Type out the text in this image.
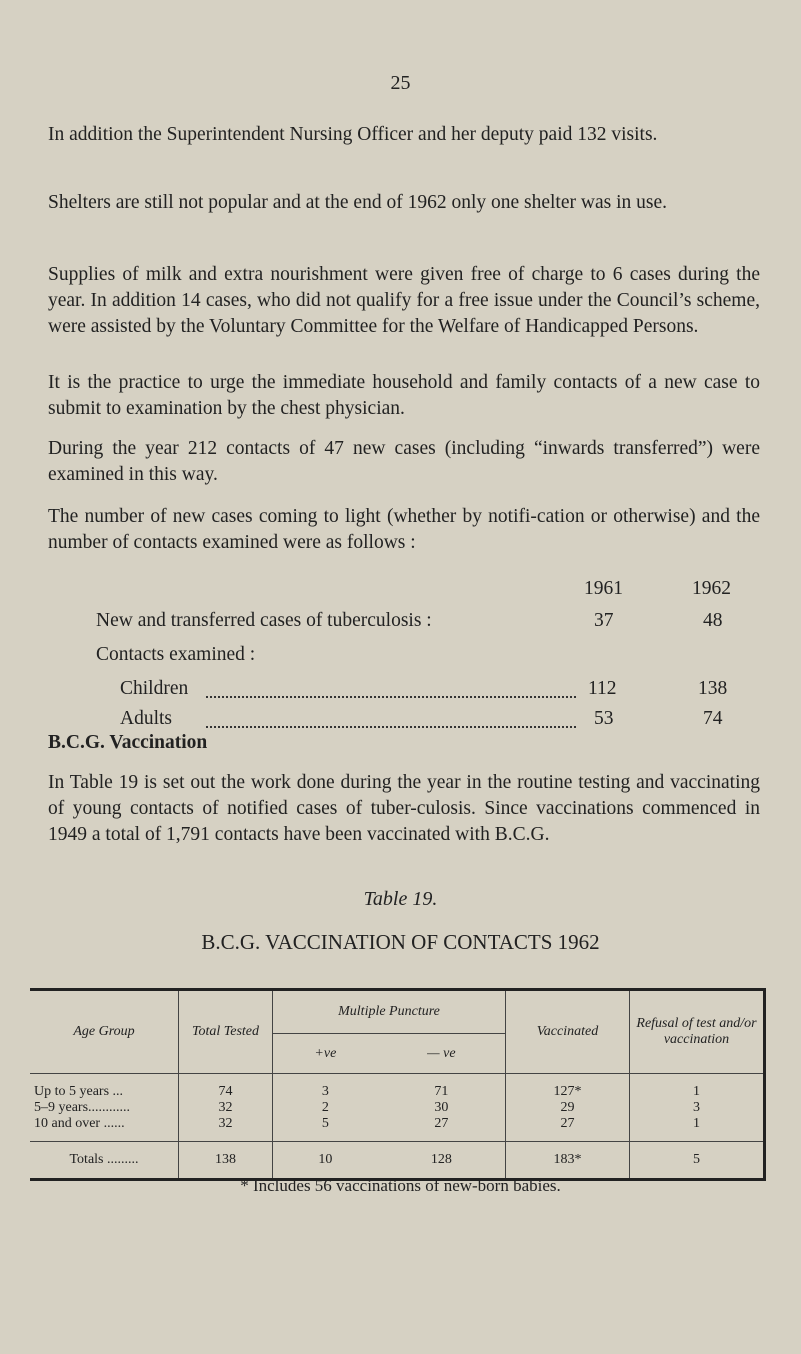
25
In addition the Superintendent Nursing Officer and her deputy paid 132 visits.
Shelters are still not popular and at the end of 1962 only one shelter was in use.
Supplies of milk and extra nourishment were given free of charge to 6 cases during the year. In addition 14 cases, who did not qualify for a free issue under the Council’s scheme, were assisted by the Voluntary Committee for the Welfare of Handicapped Persons.
It is the practice to urge the immediate household and family contacts of a new case to submit to examination by the chest physician.
During the year 212 contacts of 47 new cases (including “inwards transferred”) were examined in this way.
The number of new cases coming to light (whether by notifi-cation or otherwise) and the number of contacts examined were as follows :
1961	1962
New and transferred cases of tuberculosis :	37	48
Contacts examined :
Children	112	138
Adults	53	74
B.C.G. Vaccination
In Table 19 is set out the work done during the year in the routine testing and vaccinating of young contacts of notified cases of tuber-culosis. Since vaccinations commenced in 1949 a total of 1,791 contacts have been vaccinated with B.C.G.
Table 19.
B.C.G. VACCINATION OF CONTACTS 1962
Age Group	Total Tested	Multiple Puncture		Vaccinated	Refusal of test and/or vaccination
		+ve	— ve		
Up to 5 years ...	74	3	71	127*	1
5–9 years............	32	2	30	29	3
10 and over ......	32	5	27	27	1
Totals .........	138	10	128	183*	5
* Includes 56 vaccinations of new-born babies.
